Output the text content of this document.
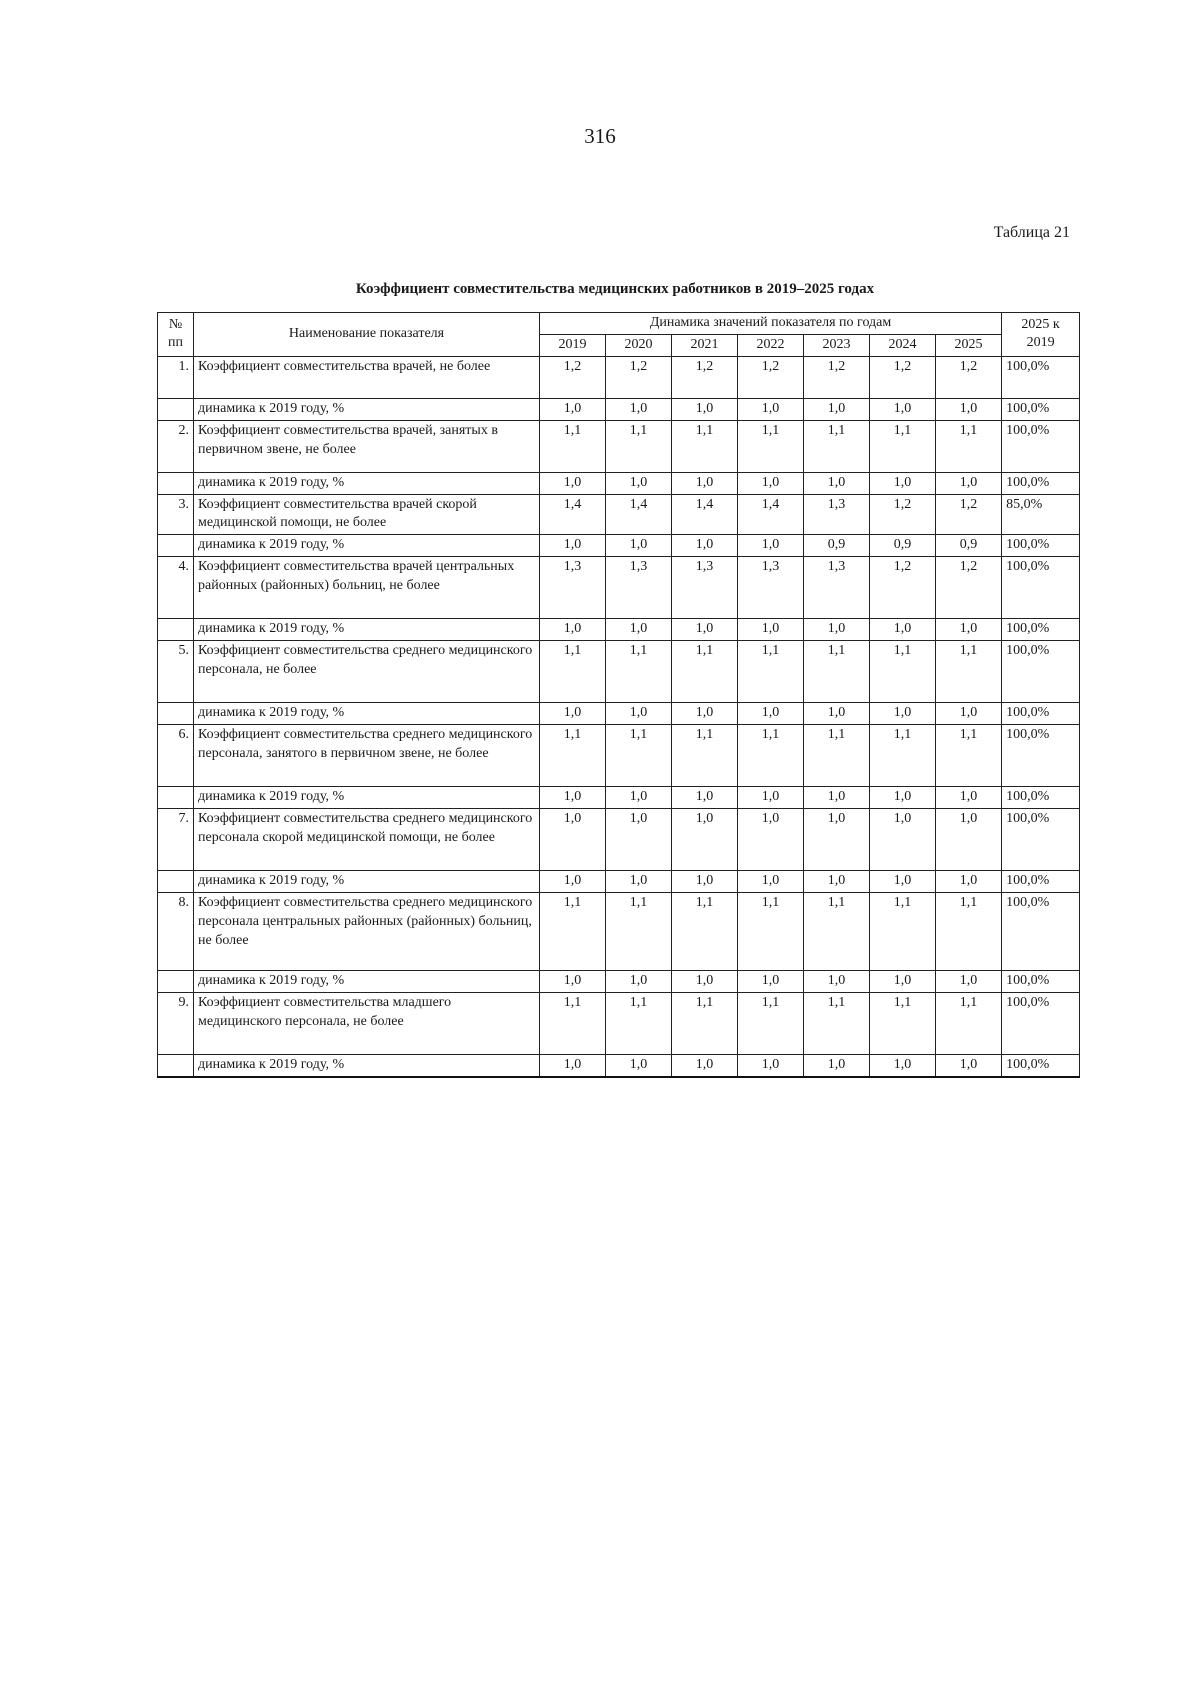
316
Таблица 21
Коэффициент совместительства медицинских работников в 2019–2025 годах
№ пп	Наименование показателя	Динамика значений показателя по годам							2025 к 2019
		2019	2020	2021	2022	2023	2024	2025	
1.	Коэффициент совместительства врачей, не более	1,2	1,2	1,2	1,2	1,2	1,2	1,2	100,0%
	динамика к 2019 году, %	1,0	1,0	1,0	1,0	1,0	1,0	1,0	100,0%
2.	Коэффициент совместительства врачей, занятых в первичном звене, не более	1,1	1,1	1,1	1,1	1,1	1,1	1,1	100,0%
	динамика к 2019 году, %	1,0	1,0	1,0	1,0	1,0	1,0	1,0	100,0%
3.	Коэффициент совместительства врачей скорой медицинской помощи, не более	1,4	1,4	1,4	1,4	1,3	1,2	1,2	85,0%
	динамика к 2019 году, %	1,0	1,0	1,0	1,0	0,9	0,9	0,9	100,0%
4.	Коэффициент совместительства врачей центральных районных (районных) больниц, не более	1,3	1,3	1,3	1,3	1,3	1,2	1,2	100,0%
	динамика к 2019 году, %	1,0	1,0	1,0	1,0	1,0	1,0	1,0	100,0%
5.	Коэффициент совместительства среднего медицинского персонала, не более	1,1	1,1	1,1	1,1	1,1	1,1	1,1	100,0%
	динамика к 2019 году, %	1,0	1,0	1,0	1,0	1,0	1,0	1,0	100,0%
6.	Коэффициент совместительства среднего медицинского персонала, занятого в первичном звене, не более	1,1	1,1	1,1	1,1	1,1	1,1	1,1	100,0%
	динамика к 2019 году, %	1,0	1,0	1,0	1,0	1,0	1,0	1,0	100,0%
7.	Коэффициент совместительства среднего медицинского персонала скорой медицинской помощи, не более	1,0	1,0	1,0	1,0	1,0	1,0	1,0	100,0%
	динамика к 2019 году, %	1,0	1,0	1,0	1,0	1,0	1,0	1,0	100,0%
8.	Коэффициент совместительства среднего медицинского персонала центральных районных (районных) больниц, не более	1,1	1,1	1,1	1,1	1,1	1,1	1,1	100,0%
	динамика к 2019 году, %	1,0	1,0	1,0	1,0	1,0	1,0	1,0	100,0%
9.	Коэффициент совместительства младшего медицинского персонала, не более	1,1	1,1	1,1	1,1	1,1	1,1	1,1	100,0%
	динамика к 2019 году, %	1,0	1,0	1,0	1,0	1,0	1,0	1,0	100,0%
